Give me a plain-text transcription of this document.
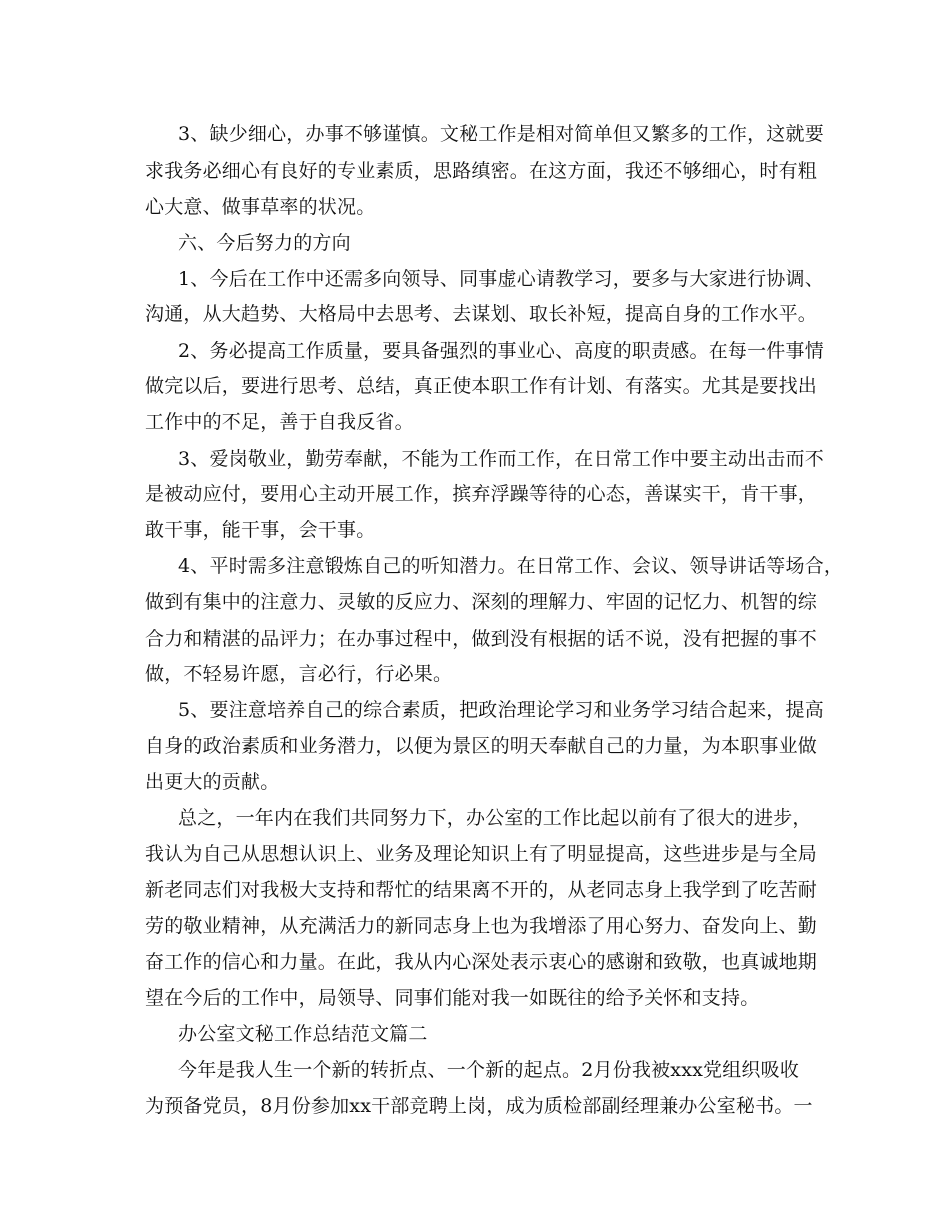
3、缺少细心，办事不够谨慎。文秘工作是相对简单但又繁多的工作，这就要
求我务必细心有良好的专业素质，思路缜密。在这方面，我还不够细心，时有粗
心大意、做事草率的状况。
六、今后努力的方向
1、今后在工作中还需多向领导、同事虚心请教学习，要多与大家进行协调、
沟通，从大趋势、大格局中去思考、去谋划、取长补短，提高自身的工作水平。
2、务必提高工作质量，要具备强烈的事业心、高度的职责感。在每一件事情
做完以后，要进行思考、总结，真正使本职工作有计划、有落实。尤其是要找出
工作中的不足，善于自我反省。
3、爱岗敬业，勤劳奉献，不能为工作而工作，在日常工作中要主动出击而不
是被动应付，要用心主动开展工作，摈弃浮躁等待的心态，善谋实干，肯干事，
敢干事，能干事，会干事。
4、平时需多注意锻炼自己的听知潜力。在日常工作、会议、领导讲话等场合，
做到有集中的注意力、灵敏的反应力、深刻的理解力、牢固的记忆力、机智的综
合力和精湛的品评力；在办事过程中，做到没有根据的话不说，没有把握的事不
做，不轻易许愿，言必行，行必果。
5、要注意培养自己的综合素质，把政治理论学习和业务学习结合起来，提高
自身的政治素质和业务潜力，以便为景区的明天奉献自己的力量，为本职事业做
出更大的贡献。
总之，一年内在我们共同努力下，办公室的工作比起以前有了很大的进步，
我认为自己从思想认识上、业务及理论知识上有了明显提高，这些进步是与全局
新老同志们对我极大支持和帮忙的结果离不开的，从老同志身上我学到了吃苦耐
劳的敬业精神，从充满活力的新同志身上也为我增添了用心努力、奋发向上、勤
奋工作的信心和力量。在此，我从内心深处表示衷心的感谢和致敬，也真诚地期
望在今后的工作中，局领导、同事们能对我一如既往的给予关怀和支持。
办公室文秘工作总结范文篇二
今年是我人生一个新的转折点、一个新的起点。2月份我被xxx党组织吸收
为预备党员，8月份参加xx干部竞聘上岗，成为质检部副经理兼办公室秘书。一
